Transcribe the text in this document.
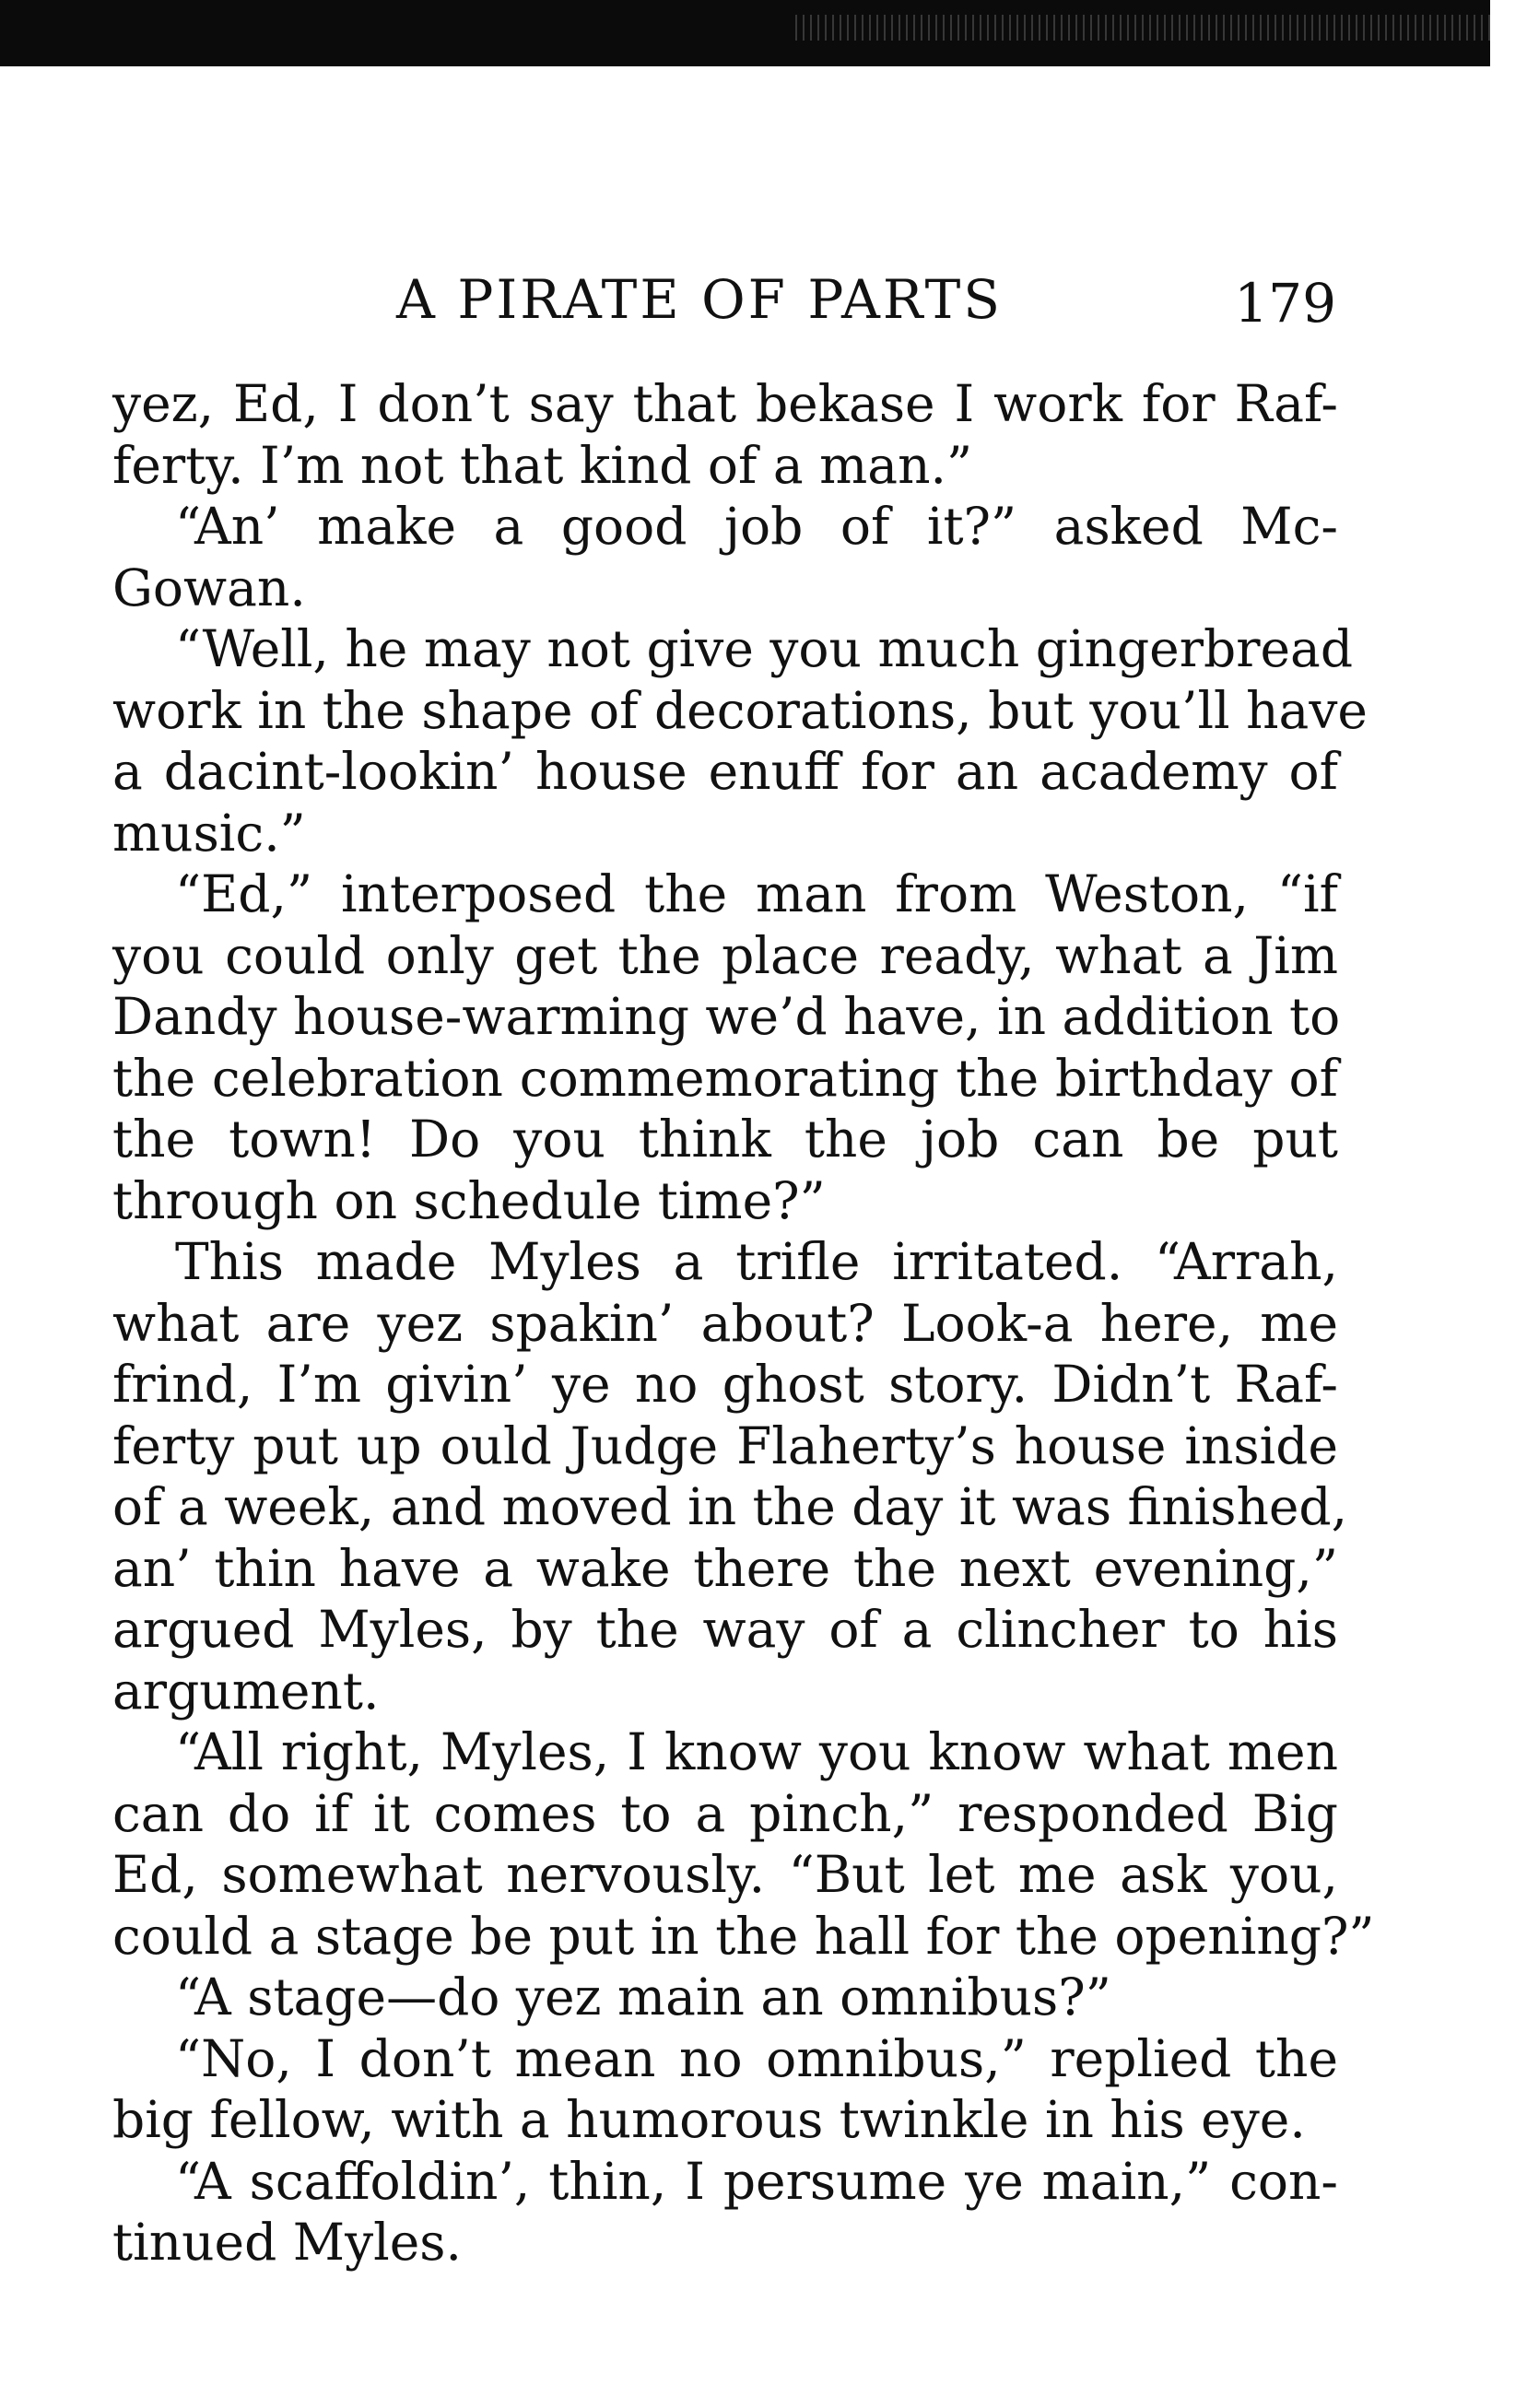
A PIRATE OF PARTS	179
yez, Ed, I don’t say that bekase I work for Raf-
ferty. I’m not that kind of a man.”
“An’ make a good job of it?” asked Mc-
Gowan.
“Well, he may not give you much gingerbread
work in the shape of decorations, but you’ll have
a dacint-lookin’ house enuff for an academy of
music.”
“Ed,” interposed the man from Weston, “if
you could only get the place ready, what a Jim
Dandy house-warming we’d have, in addition to
the celebration commemorating the birthday of
the town! Do you think the job can be put
through on schedule time?”
This made Myles a trifle irritated. “Arrah,
what are yez spakin’ about? Look-a here, me
frind, I’m givin’ ye no ghost story. Didn’t Raf-
ferty put up ould Judge Flaherty’s house inside
of a week, and moved in the day it was finished,
an’ thin have a wake there the next evening,”
argued Myles, by the way of a clincher to his
argument.
“All right, Myles, I know you know what men
can do if it comes to a pinch,” responded Big
Ed, somewhat nervously. “But let me ask you,
could a stage be put in the hall for the opening?”
“A stage—do yez main an omnibus?”
“No, I don’t mean no omnibus,” replied the
big fellow, with a humorous twinkle in his eye.
“A scaffoldin’, thin, I persume ye main,” con-
tinued Myles.
